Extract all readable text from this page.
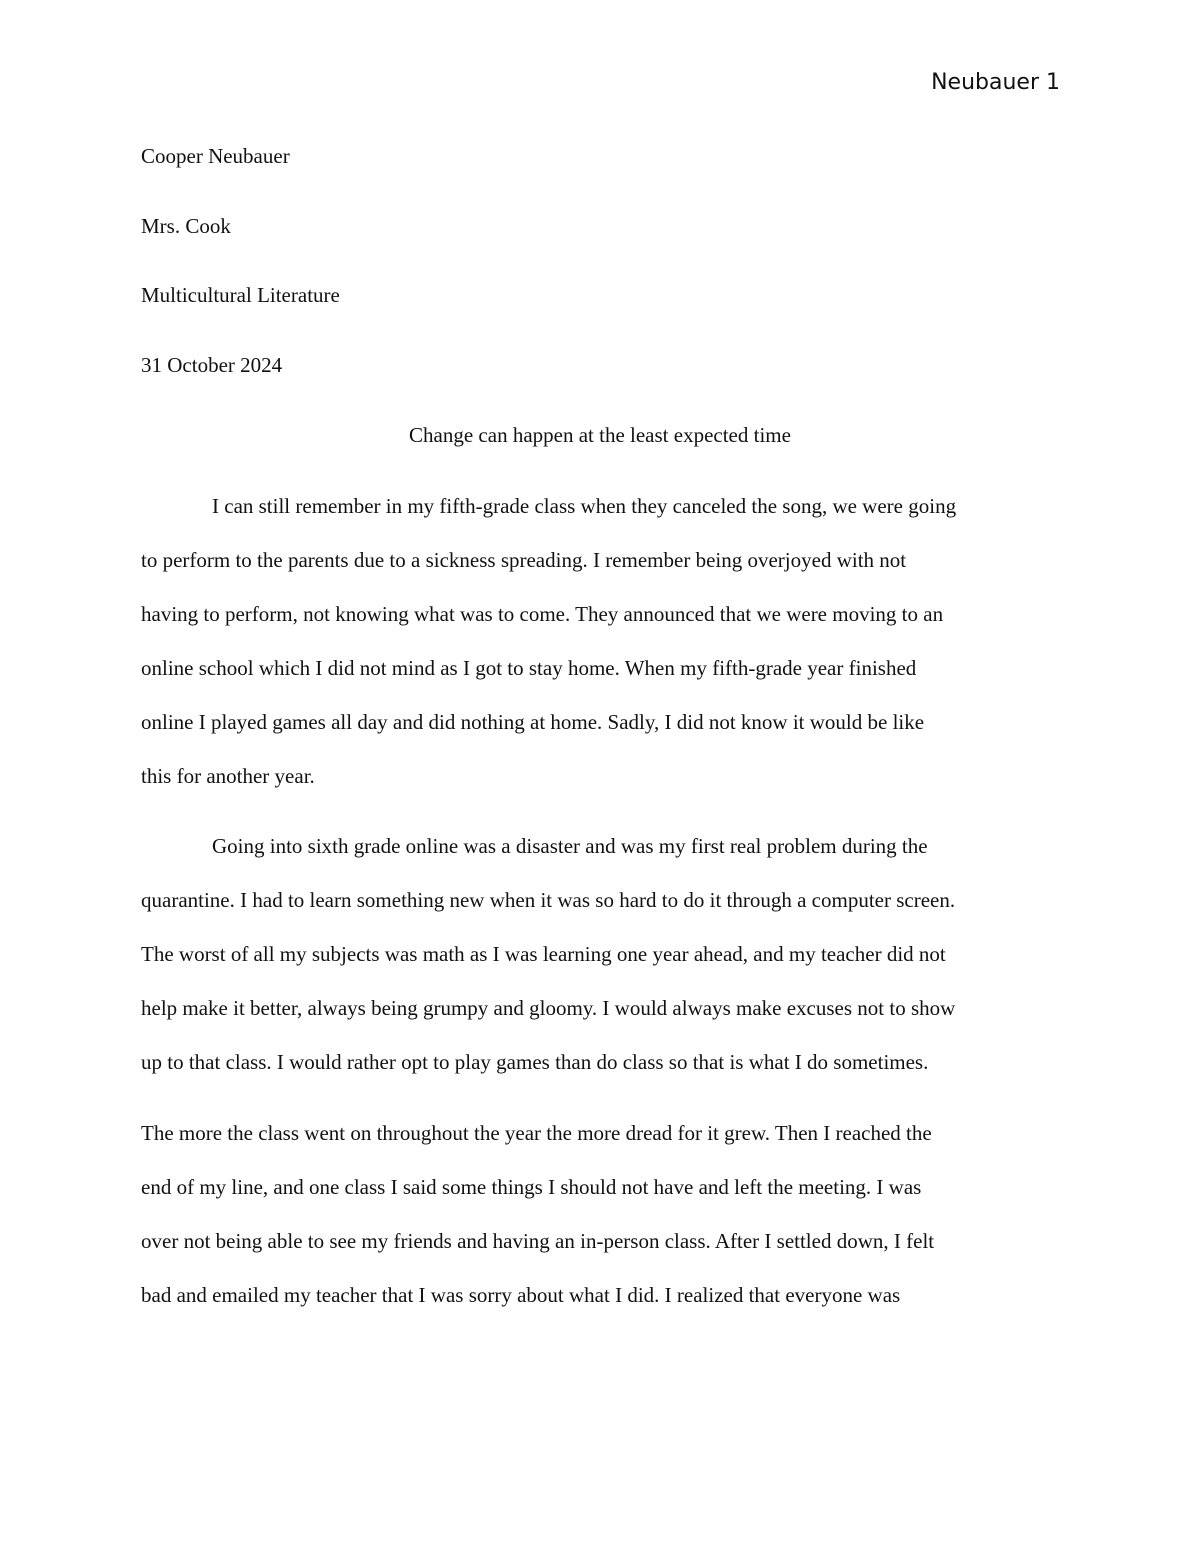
Neubauer 1
Cooper Neubauer
Mrs. Cook
Multicultural Literature
31 October 2024
Change can happen at the least expected time
I can still remember in my fifth-grade class when they canceled the song, we were going
to perform to the parents due to a sickness spreading. I remember being overjoyed with not
having to perform, not knowing what was to come. They announced that we were moving to an
online school which I did not mind as I got to stay home. When my fifth-grade year finished
online I played games all day and did nothing at home. Sadly, I did not know it would be like
this for another year.
Going into sixth grade online was a disaster and was my first real problem during the
quarantine. I had to learn something new when it was so hard to do it through a computer screen.
The worst of all my subjects was math as I was learning one year ahead, and my teacher did not
help make it better, always being grumpy and gloomy. I would always make excuses not to show
up to that class. I would rather opt to play games than do class so that is what I do sometimes.
The more the class went on throughout the year the more dread for it grew. Then I reached the
end of my line, and one class I said some things I should not have and left the meeting. I was
over not being able to see my friends and having an in-person class. After I settled down, I felt
bad and emailed my teacher that I was sorry about what I did. I realized that everyone was
